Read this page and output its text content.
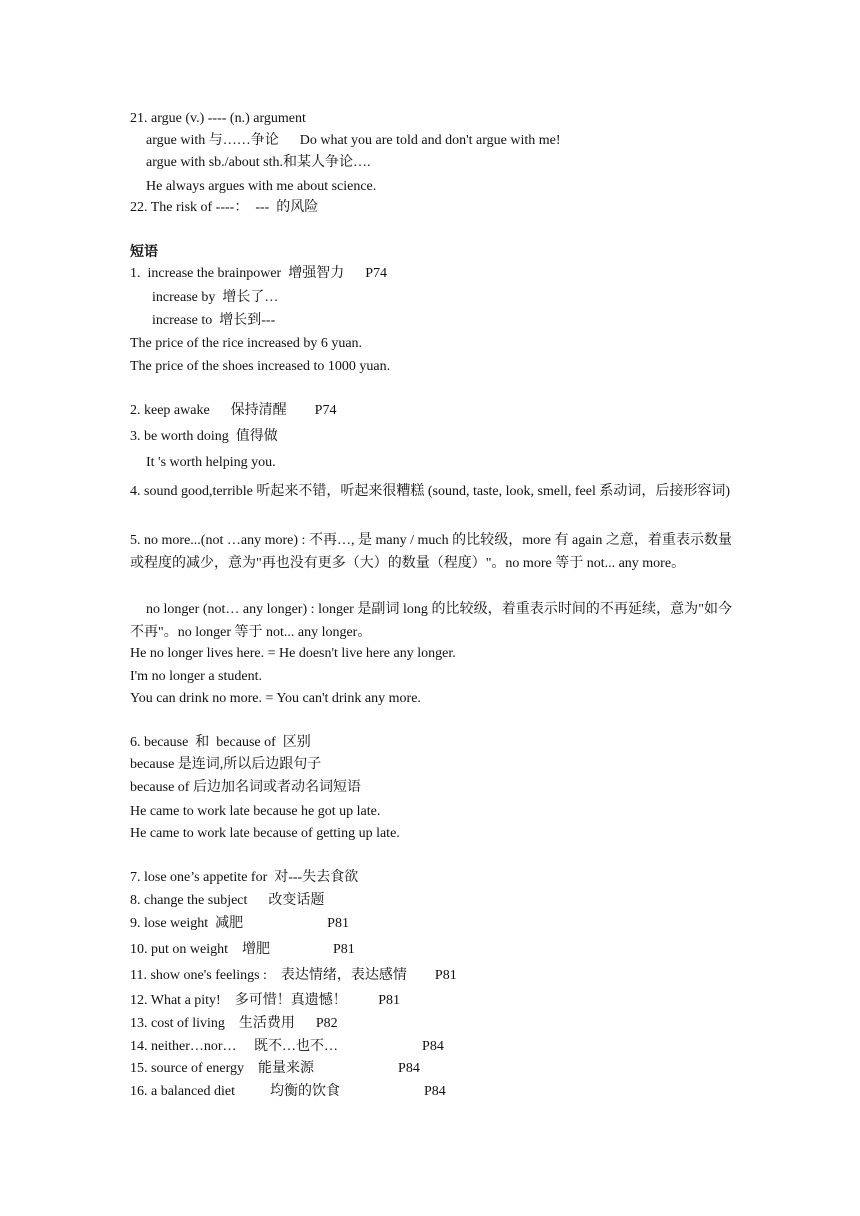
21. argue (v.) ---- (n.) argument
argue with 与……争论      Do what you are told and don't argue with me!
argue with sb./about sth.和某人争论….
He always argues with me about science.
22. The risk of ----：  ---  的风险
短语
1.  increase the brainpower  增强智力      P74
increase by  增长了…
increase to  增长到---
The price of the rice increased by 6 yuan.
The price of the shoes increased to 1000 yuan.
2. keep awake      保持清醒        P74
3. be worth doing  值得做
It 's worth helping you.
4. sound good,terrible 听起来不错，听起来很糟糕 (sound, taste, look, smell, feel 系动词，后接形容词)
5. no more...(not …any more) : 不再…, 是 many / much 的比较级，more 有 again 之意，着重表示数量或程度的减少，意为"再也没有更多（大）的数量（程度）"。no more 等于 not... any more。
no longer (not… any longer) : longer 是副词 long 的比较级，着重表示时间的不再延续，意为"如今不再"。no longer 等于 not... any longer。
He no longer lives here. = He doesn't live here any longer.
I'm no longer a student.
You can drink no more. = You can't drink any more.
6. because  和  because of  区别
because 是连词,所以后边跟句子
because of 后边加名词或者动名词短语
He came to work late because he got up late.
He came to work late because of getting up late.
7. lose one’s appetite for  对---失去食欲
8. change the subject      改变话题
9. lose weight  减肥                        P81
10. put on weight    增肥                  P81
11. show one's feelings :    表达情绪，表达感情        P81
12. What a pity!    多可惜！真遗憾！         P81
13. cost of living    生活费用      P82
14. neither…nor…     既不…也不…                        P84
15. source of energy    能量来源                        P84
16. a balanced diet          均衡的饮食                        P84
